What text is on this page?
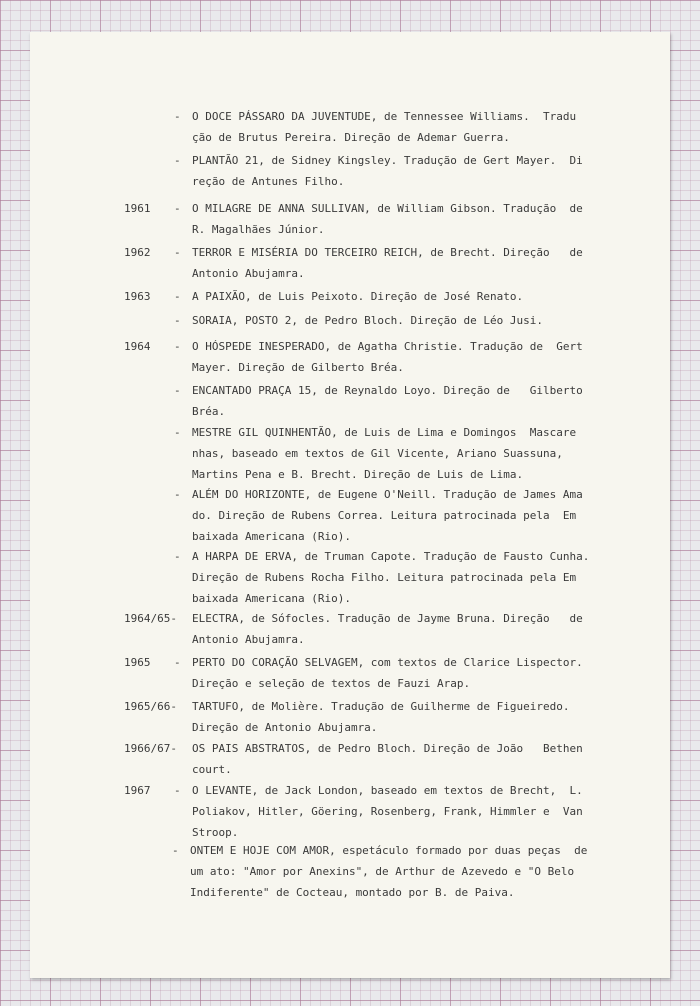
- O DOCE PÁSSARO DA JUVENTUDE, de Tennessee Williams.  Tradu
ção de Brutus Pereira. Direção de Ademar Guerra.
- PLANTÃO 21, de Sidney Kingsley. Tradução de Gert Mayer.  Di
reção de Antunes Filho.
1961 - O MILAGRE DE ANNA SULLIVAN, de William Gibson. Tradução  de
R. Magalhães Júnior.
1962 - TERROR E MISÉRIA DO TERCEIRO REICH, de Brecht. Direção   de
Antonio Abujamra.
1963 - A PAIXÃO, de Luis Peixoto. Direção de José Renato.
- SORAIA, POSTO 2, de Pedro Bloch. Direção de Léo Jusi.
1964 - O HÓSPEDE INESPERADO, de Agatha Christie. Tradução de  Gert
Mayer. Direção de Gilberto Bréa.
- ENCANTADO PRAÇA 15, de Reynaldo Loyo. Direção de   Gilberto
Bréa.
- MESTRE GIL QUINHENTÃO, de Luis de Lima e Domingos  Mascare
nhas, baseado em textos de Gil Vicente, Ariano Suassuna,
Martins Pena e B. Brecht. Direção de Luis de Lima.
- ALÉM DO HORIZONTE, de Eugene O'Neill. Tradução de James Ama
do. Direção de Rubens Correa. Leitura patrocinada pela  Em
baixada Americana (Rio).
- A HARPA DE ERVA, de Truman Capote. Tradução de Fausto Cunha.
Direção de Rubens Rocha Filho. Leitura patrocinada pela Em
baixada Americana (Rio).
1964/65- ELECTRA, de Sófocles. Tradução de Jayme Bruna. Direção   de
Antonio Abujamra.
1965 - PERTO DO CORAÇÃO SELVAGEM, com textos de Clarice Lispector.
Direção e seleção de textos de Fauzi Arap.
1965/66- TARTUFO, de Molière. Tradução de Guilherme de Figueiredo.
Direção de Antonio Abujamra.
1966/67- OS PAIS ABSTRATOS, de Pedro Bloch. Direção de João   Bethen
court.
1967 - O LEVANTE, de Jack London, baseado em textos de Brecht,  L.
Poliakov, Hitler, Göering, Rosenberg, Frank, Himmler e  Van
Stroop.
- ONTEM E HOJE COM AMOR, espetáculo formado por duas peças  de
um ato: "Amor por Anexins", de Arthur de Azevedo e "O Belo
Indiferente" de Cocteau, montado por B. de Paiva.
